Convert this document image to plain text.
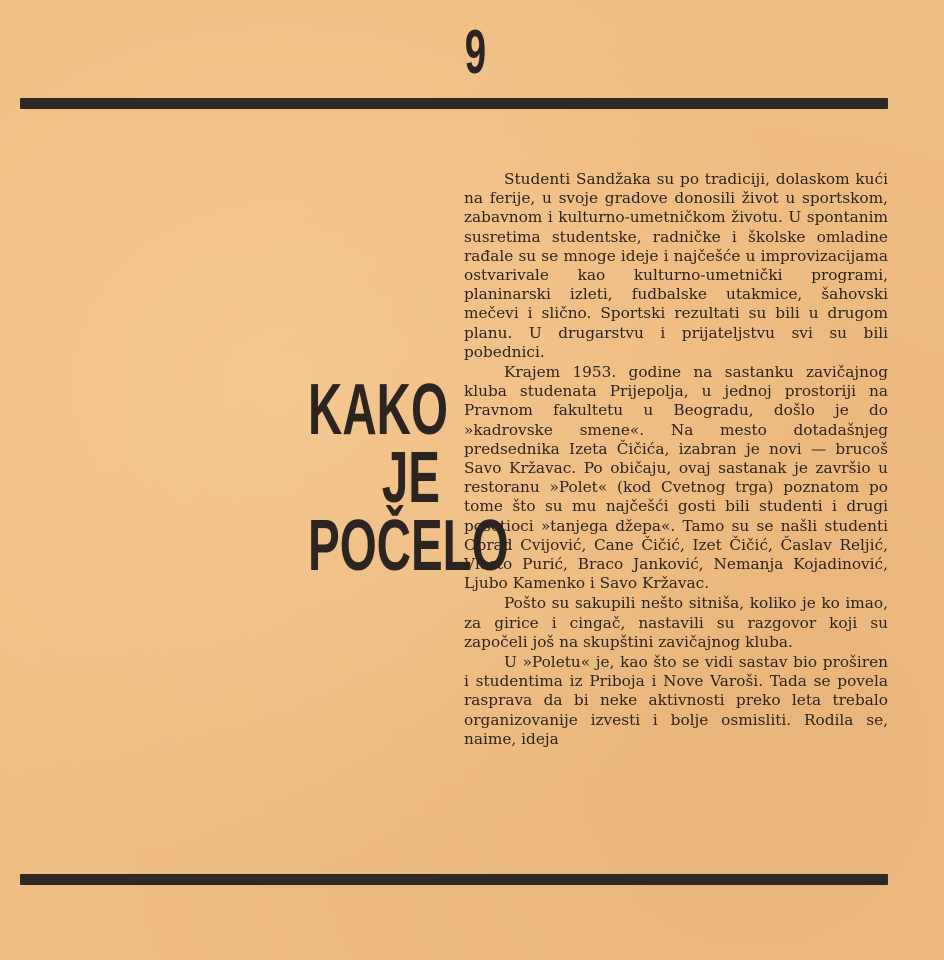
9
KAKO
JE
POČELO

Studenti Sandžaka su po tradiciji, dolaskom kući na ferije, u svoje gradove donosili život u sportskom, zabavnom i kulturno-umetničkom životu. U spontanim susretima studentske, radničke i školske omladine rađale su se mnoge ideje i najčešće u improvizacijama ostvarivale kao kulturno-umetnički programi, planinarski izleti, fudbalske utakmice, šahovski mečevi i slično. Sportski rezultati su bili u drugom planu. U drugarstvu i prijateljstvu svi su bili pobednici.

Krajem 1953. godine na sastanku zavičajnog kluba studenata Prijepolja, u jednoj prostoriji na Pravnom fakultetu u Beogradu, došlo je do »kadrovske smene«. Na mesto dotadašnjeg predsednika Izeta Čičića, izabran je novi — brucoš Savo Kržavac. Po običaju, ovaj sastanak je završio u restoranu »Polet« (kod Cvetnog trga) poznatom po tome što su mu najčešći gosti bili studenti i drugi posetioci »tanjega džepa«. Tamo su se našli studenti Obrad Cvijović, Cane Čičić, Izet Čičić, Časlav Reljić, Vlasto Purić, Braco Janković, Nemanja Kojadinović, Ljubo Kamenko i Savo Kržavac.

Pošto su sakupili nešto sitniša, koliko je ko imao, za girice i cingač, nastavili su razgovor koji su započeli još na skupštini zavičajnog kluba.

U »Poletu« je, kao što se vidi sastav bio proširen i studentima iz Priboja i Nove Varoši. Tada se povela rasprava da bi neke aktivnosti preko leta trebalo organizovanije izvesti i bolje osmisliti. Rodila se, naime, ideja
